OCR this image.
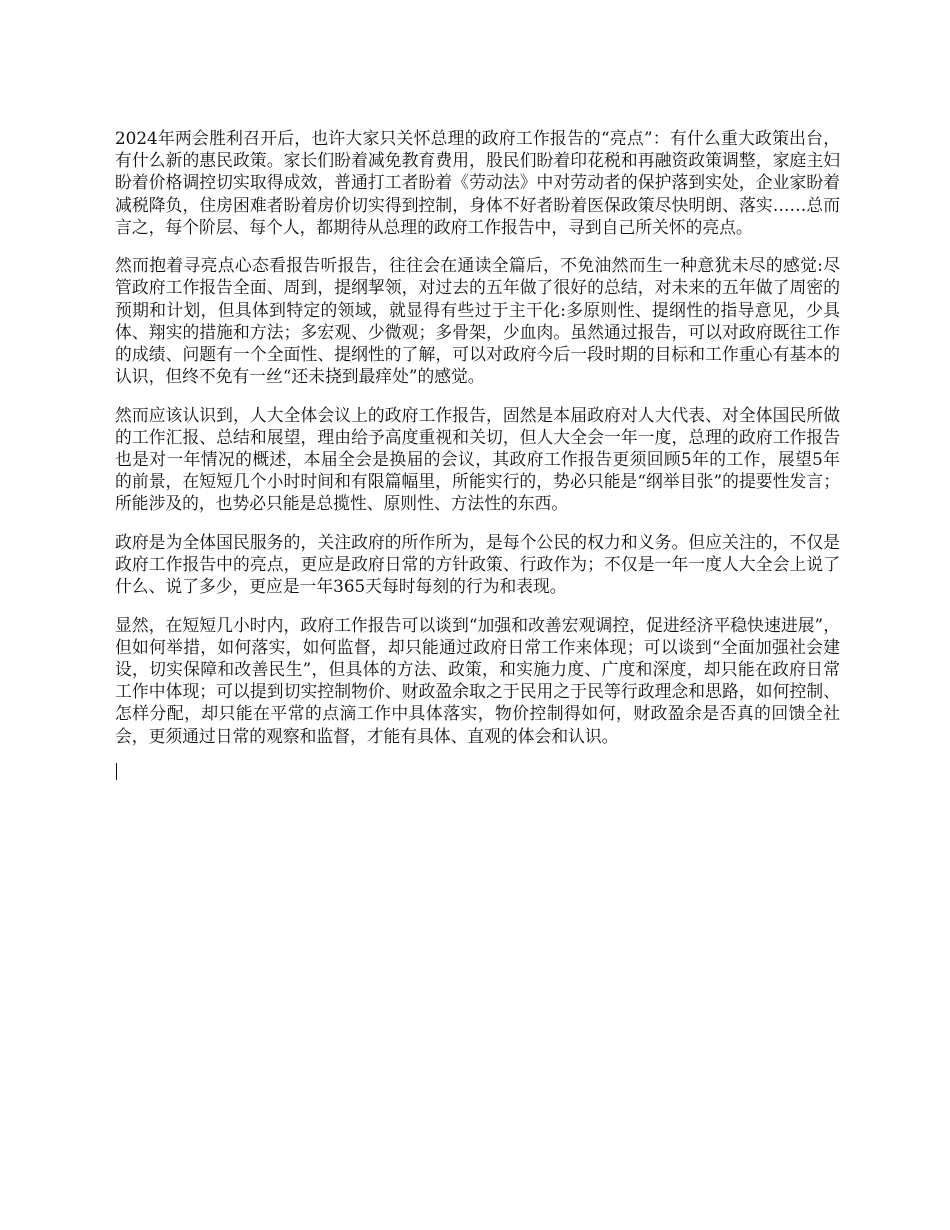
2024年两会胜利召开后，也许大家只关怀总理的政府工作报告的“亮点”：有什么重大政策出台，有什么新的惠民政策。家长们盼着减免教育费用，股民们盼着印花税和再融资政策调整，家庭主妇盼着价格调控切实取得成效，普通打工者盼着《劳动法》中对劳动者的保护落到实处，企业家盼着减税降负，住房困难者盼着房价切实得到控制，身体不好者盼着医保政策尽快明朗、落实……总而言之，每个阶层、每个人，都期待从总理的政府工作报告中，寻到自己所关怀的亮点。

然而抱着寻亮点心态看报告听报告，往往会在通读全篇后，不免油然而生一种意犹未尽的感觉:尽管政府工作报告全面、周到，提纲挈领，对过去的五年做了很好的总结，对未来的五年做了周密的预期和计划，但具体到特定的领域，就显得有些过于主干化:多原则性、提纲性的指导意见，少具体、翔实的措施和方法；多宏观、少微观；多骨架，少血肉。虽然通过报告，可以对政府既往工作的成绩、问题有一个全面性、提纲性的了解，可以对政府今后一段时期的目标和工作重心有基本的认识，但终不免有一丝“还未挠到最痒处”的感觉。

然而应该认识到，人大全体会议上的政府工作报告，固然是本届政府对人大代表、对全体国民所做的工作汇报、总结和展望，理由给予高度重视和关切，但人大全会一年一度，总理的政府工作报告也是对一年情况的概述，本届全会是换届的会议，其政府工作报告更须回顾5年的工作，展望5年的前景，在短短几个小时时间和有限篇幅里，所能实行的，势必只能是“纲举目张”的提要性发言；所能涉及的，也势必只能是总揽性、原则性、方法性的东西。

政府是为全体国民服务的，关注政府的所作所为，是每个公民的权力和义务。但应关注的，不仅是政府工作报告中的亮点，更应是政府日常的方针政策、行政作为；不仅是一年一度人大全会上说了什么、说了多少，更应是一年365天每时每刻的行为和表现。

显然，在短短几小时内，政府工作报告可以谈到“加强和改善宏观调控，促进经济平稳快速进展”，但如何举措，如何落实，如何监督，却只能通过政府日常工作来体现；可以谈到“全面加强社会建设，切实保障和改善民生”，但具体的方法、政策，和实施力度、广度和深度，却只能在政府日常工作中体现；可以提到切实控制物价、财政盈余取之于民用之于民等行政理念和思路，如何控制、怎样分配，却只能在平常的点滴工作中具体落实，物价控制得如何，财政盈余是否真的回馈全社会，更须通过日常的观察和监督，才能有具体、直观的体会和认识。
